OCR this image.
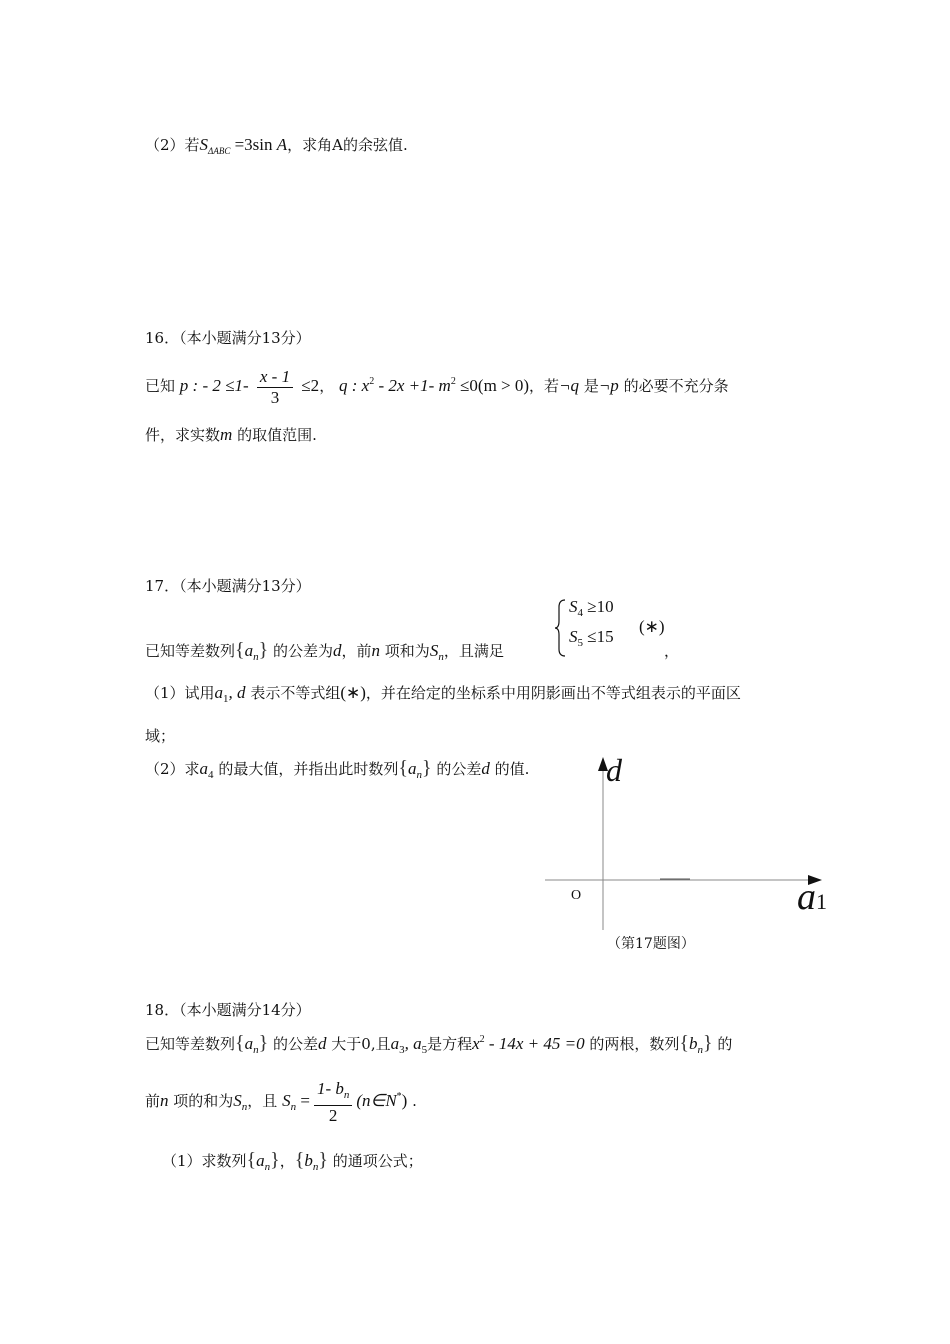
（2）若$S_{\Delta ABC} =3\sin$ A，求角A的余弦值.
16．（本小题满分13分）
已知 p : - $2 \le 1- \frac{x - 1}{3} \le 2$， q : $x^2 - 2x +1-$ $m^2 \le 0(m > 0)$，若¬q 是¬p 的必要不充分条
件，求实数m 的取值范围.
17．（本小题满分13分）
$S_4 \ge 10$
$S_5 \le 15$
(∗)
已知等差数列$\{a_n\}$ 的公差为d，前n 项和为$S_n$，且满足	，
（1）试用$a_1$, d 表示不等式组(∗)，并在给定的坐标系中用阴影画出不等式组表示的平面区
域；
（2）求$a_4$ 的最大值，并指出此时数列$\{a_n\}$ 的公差d 的值. d
a1
O
（第17题图）
18．（本小题满分14分）
已知等差数列$\{a_n\}$ 的公差d 大于0,且$a_3$, $a_5$是方程$x^2 - 14x + 45 =0$ 的两根，数列$\{b_n\}$ 的
前n 项的和为$S_n$，且 $S_n = \frac{1- b_n}{2}$ (n∈N*) .
（1）求数列$\{a_n\}$，$\{b_n\}$ 的通项公式；
